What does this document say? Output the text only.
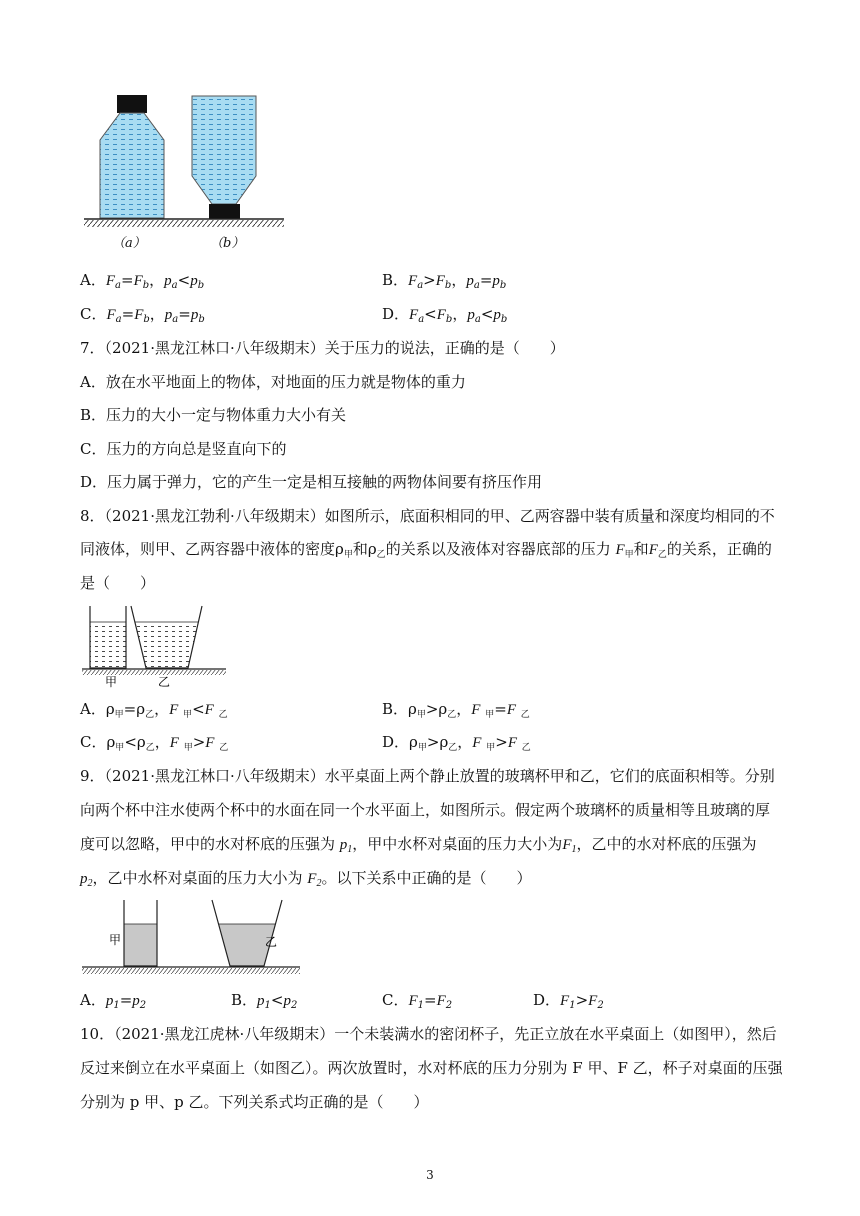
（a）	（b）
A．$F_a=F_b$，$p_a<p_b$	B．$F_a>F_b$，$p_a=p_b$
C．$F_a=F_b$，$p_a=p_b$	D．$F_a<F_b$，$p_a<p_b$
7．（2021·黑龙江林口·八年级期末）关于压力的说法，正确的是（　　）
A．放在水平地面上的物体，对地面的压力就是物体的重力
B．压力的大小一定与物体重力大小有关
C．压力的方向总是竖直向下的
D．压力属于弹力，它的产生一定是相互接触的两物体间要有挤压作用
8．（2021·黑龙江勃利·八年级期末）如图所示，底面积相同的甲、乙两容器中装有质量和深度均相同的不
同液体，则甲、乙两容器中液体的密度$\rho_甲$和$\rho_乙$的关系以及液体对容器底部的压力 $F_甲$和$F_乙$的关系，正确的
是（　　）
甲	乙
A．$\rho_甲=\rho_乙$，F $_甲$<F $_乙$	B．$\rho_甲>\rho_乙$，F $_甲$=F $_乙$
C．$\rho_甲<\rho_乙$，F $_甲$>F $_乙$	D．$\rho_甲>\rho_乙$，F $_甲$>F $_乙$
9．（2021·黑龙江林口·八年级期末）水平桌面上两个静止放置的玻璃杯甲和乙，它们的底面积相等。分别
向两个杯中注水使两个杯中的水面在同一个水平面上，如图所示。假定两个玻璃杯的质量相等且玻璃的厚
度可以忽略，甲中的水对杯底的压强为 $p_1$，甲中水杯对桌面的压力大小为$F_1$，乙中的水对杯底的压强为
$p_2$，乙中水杯对桌面的压力大小为 $F_2$。以下关系中正确的是（　　）
甲	乙
A．$p_1=p_2$	B．$p_1<p_2$	C．$F_1=F_2$	D．$F_1>F_2$
10．（2021·黑龙江虎林·八年级期末）一个未装满水的密闭杯子，先正立放在水平桌面上（如图甲），然后
反过来倒立在水平桌面上（如图乙）。两次放置时，水对杯底的压力分别为 F 甲、F 乙，杯子对桌面的压强
分别为 p 甲、p 乙。下列关系式均正确的是（　　）
3
